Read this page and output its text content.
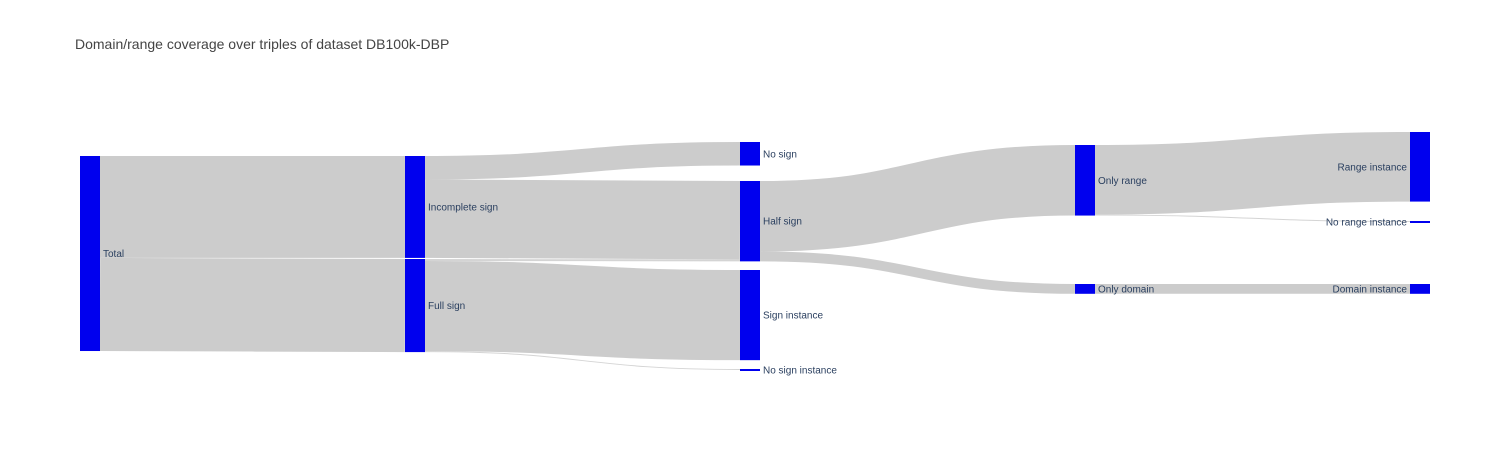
Domain/range coverage over triples of dataset DB100k-DBP
Total
Incomplete sign
Full sign
No sign
Half sign
Sign instance
No sign instance
Only range
Only domain
Range instance
No range instance
Domain instance
